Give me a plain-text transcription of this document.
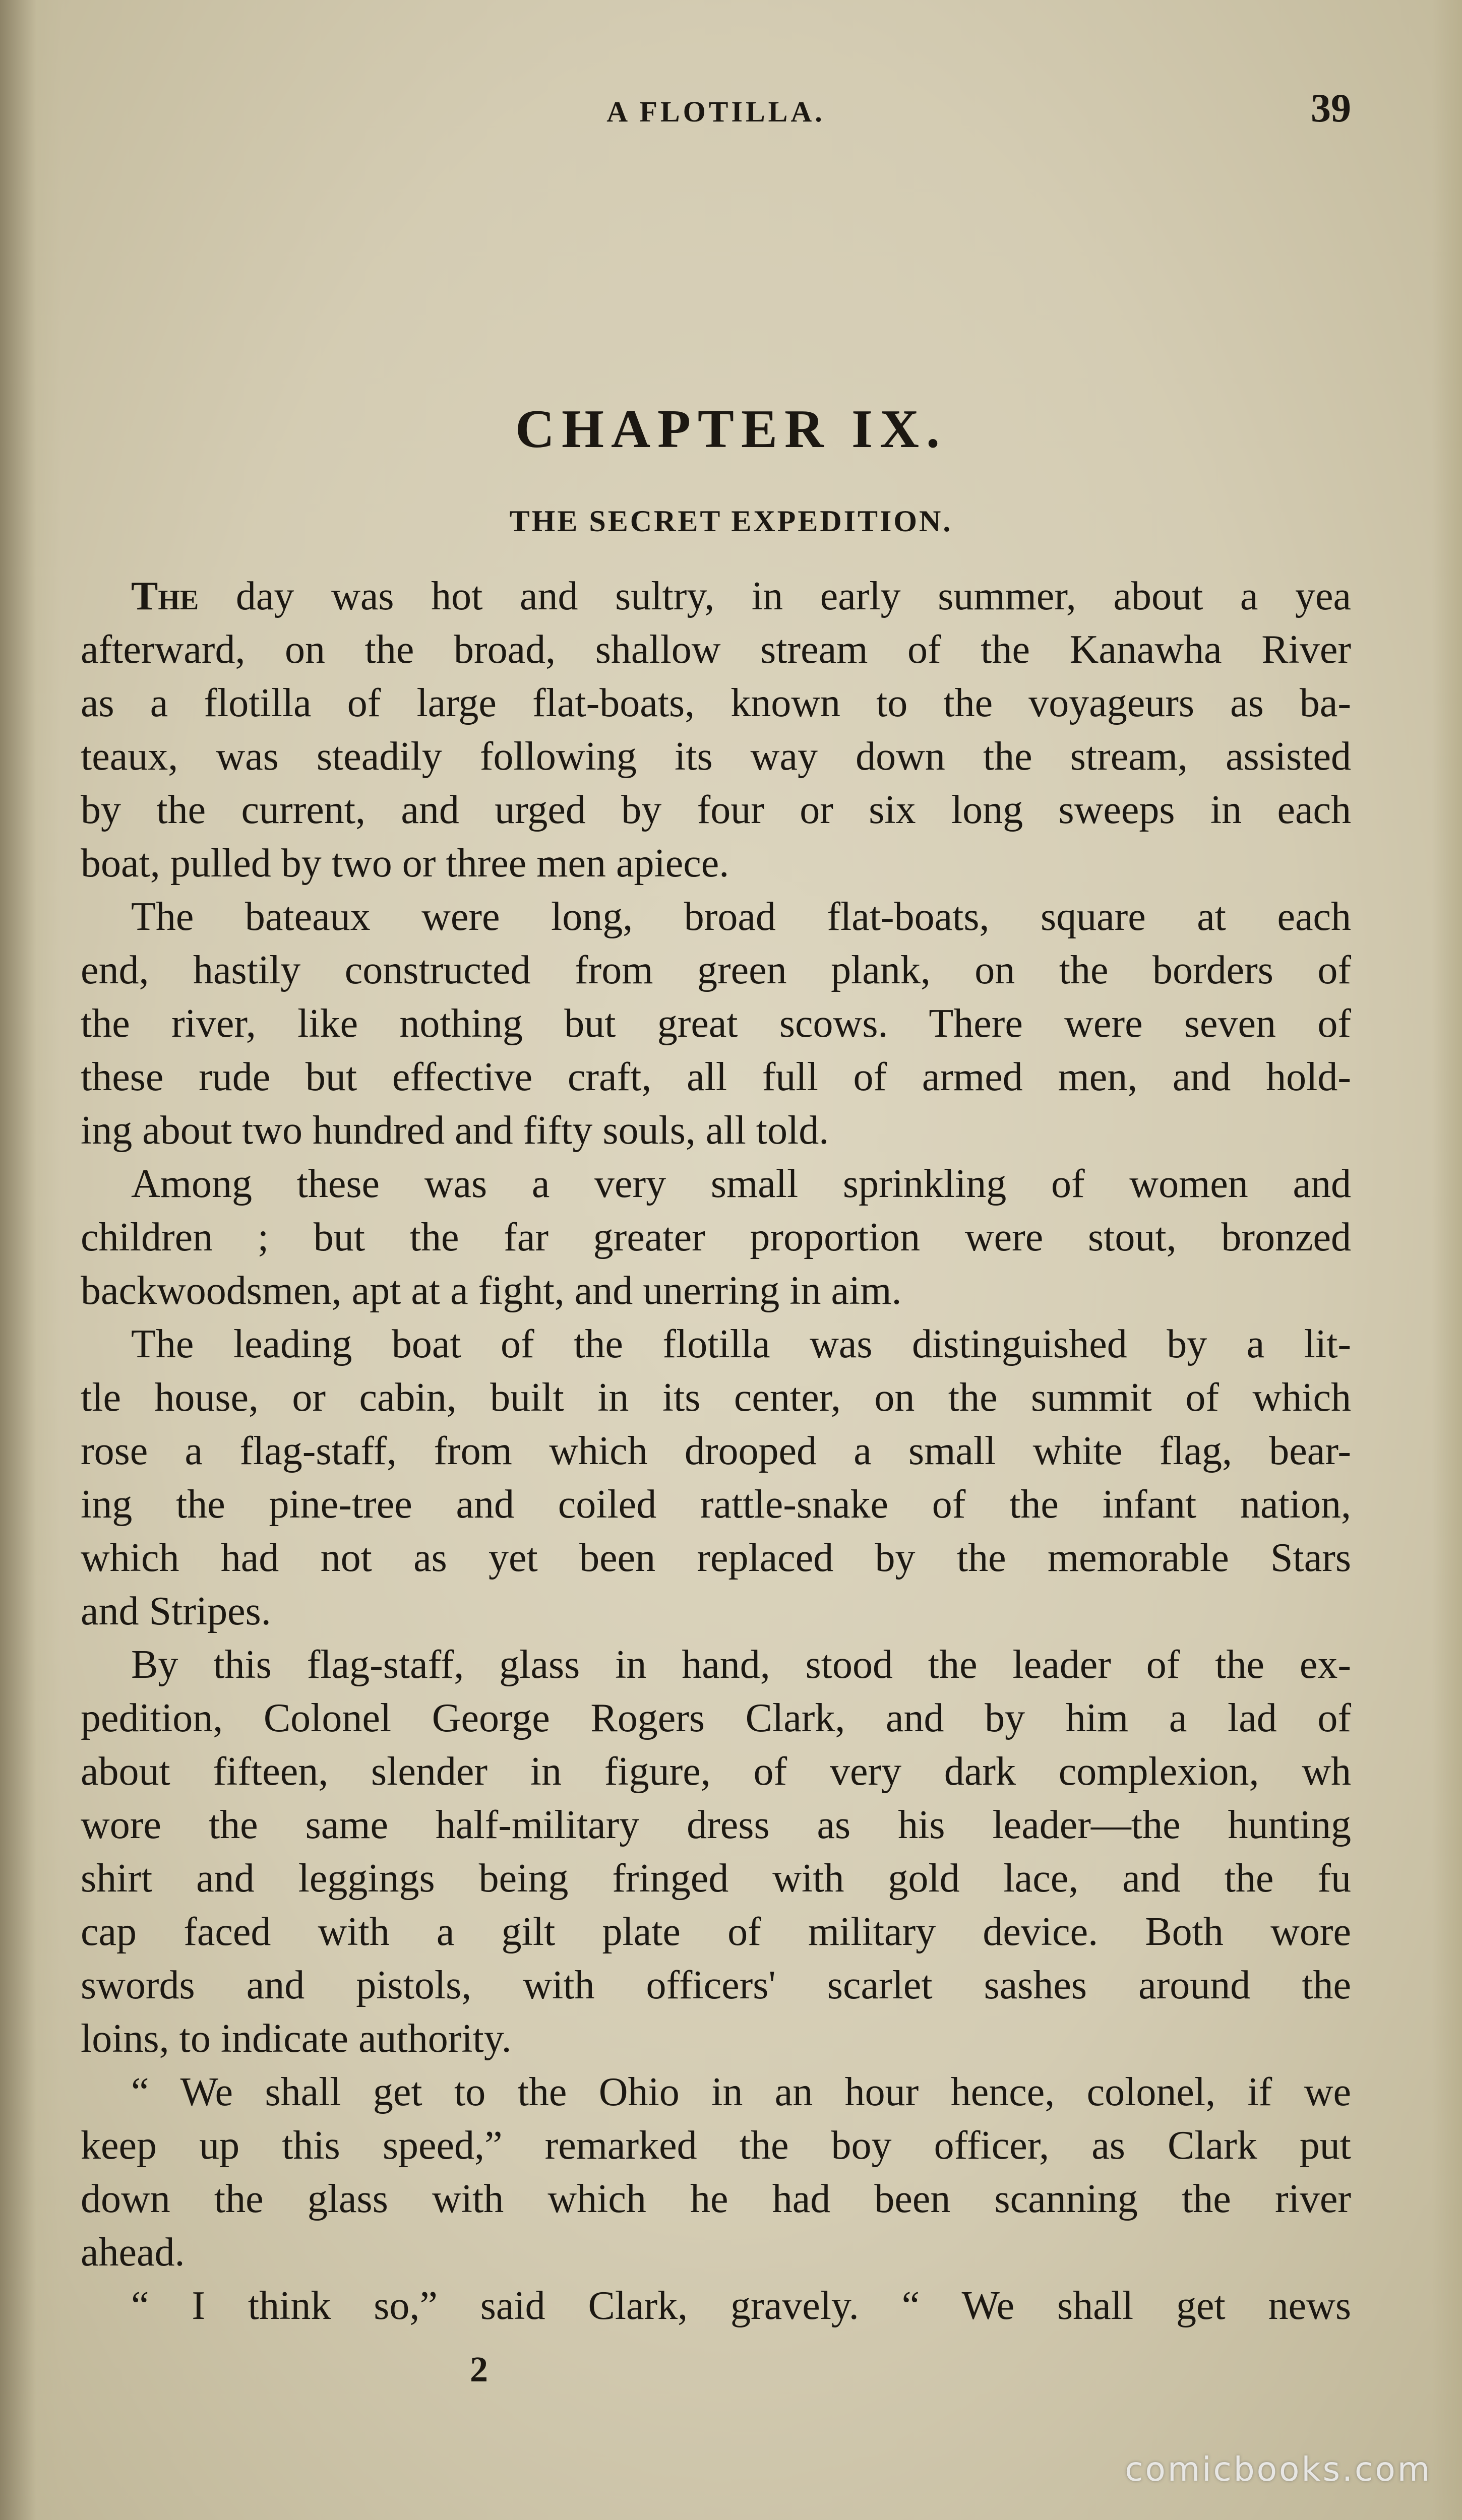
A FLOTILLA.	39
CHAPTER IX.
THE SECRET EXPEDITION.
The day was hot and sultry, in early summer, about a yea
afterward, on the broad, shallow stream of the Kanawha River
as a flotilla of large flat-boats, known to the voyageurs as ba-
teaux, was steadily following its way down the stream, assisted
by the current, and urged by four or six long sweeps in each
boat, pulled by two or three men apiece.
The bateaux were long, broad flat-boats, square at each
end, hastily constructed from green plank, on the borders of
the river, like nothing but great scows. There were seven of
these rude but effective craft, all full of armed men, and hold-
ing about two hundred and fifty souls, all told.
Among these was a very small sprinkling of women and
children ; but the far greater proportion were stout, bronzed
backwoodsmen, apt at a fight, and unerring in aim.
The leading boat of the flotilla was distinguished by a lit-
tle house, or cabin, built in its center, on the summit of which
rose a flag-staff, from which drooped a small white flag, bear-
ing the pine-tree and coiled rattle-snake of the infant nation,
which had not as yet been replaced by the memorable Stars
and Stripes.
By this flag-staff, glass in hand, stood the leader of the ex-
pedition, Colonel George Rogers Clark, and by him a lad of
about fifteen, slender in figure, of very dark complexion, wh
wore the same half-military dress as his leader—the hunting
shirt and leggings being fringed with gold lace, and the fu
cap faced with a gilt plate of military device. Both wore
swords and pistols, with officers' scarlet sashes around the
loins, to indicate authority.
“ We shall get to the Ohio in an hour hence, colonel, if we
keep up this speed,” remarked the boy officer, as Clark put
down the glass with which he had been scanning the river
ahead.
“ I think so,” said Clark, gravely. “ We shall get news
2
comicbooks.com
